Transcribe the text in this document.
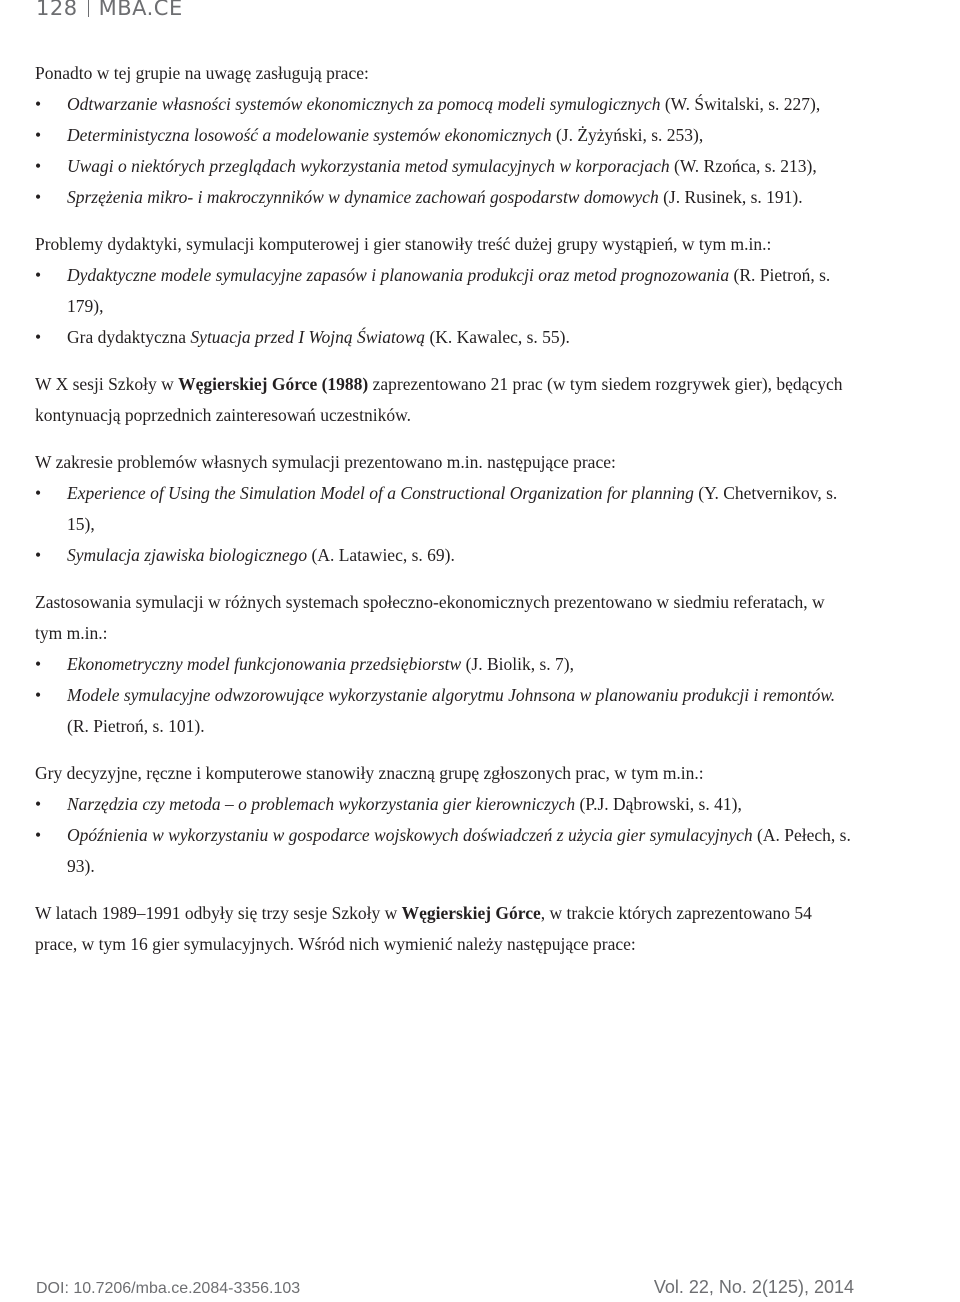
128 MBA.CE

Ponadto w tej grupie na uwagę zasługują prace:

• Odtwarzanie własności systemów ekonomicznych za pomocą modeli symulogicznych (W. Świtalski, s. 227),
• Deterministyczna losowość a modelowanie systemów ekonomicznych (J. Żyżyński, s. 253),
• Uwagi o niektórych przeglądach wykorzystania metod symulacyjnych w korporacjach (W. Rzońca, s. 213),
• Sprzężenia mikro- i makroczynników w dynamice zachowań gospodarstw domowych (J. Rusinek, s. 191).

Problemy dydaktyki, symulacji komputerowej i gier stanowiły treść dużej grupy wystąpień, w tym m.in.:

• Dydaktyczne modele symulacyjne zapasów i planowania produkcji oraz metod prognozowania (R. Pietroń, s. 179),
• Gra dydaktyczna Sytuacja przed I Wojną Światową (K. Kawalec, s. 55).

W X sesji Szkoły w Węgierskiej Górce (1988) zaprezentowano 21 prac (w tym siedem rozgrywek gier), będących kontynuacją poprzednich zainteresowań uczestników.

W zakresie problemów własnych symulacji prezentowano m.in. następujące prace:

• Experience of Using the Simulation Model of a Constructional Organization for planning (Y. Chetvernikov, s. 15),
• Symulacja zjawiska biologicznego (A. Latawiec, s. 69).

Zastosowania symulacji w różnych systemach społeczno-ekonomicznych prezentowano w siedmiu referatach, w tym m.in.:

• Ekonometryczny model funkcjonowania przedsiębiorstw (J. Biolik, s. 7),
• Modele symulacyjne odwzorowujące wykorzystanie algorytmu Johnsona w planowaniu produkcji i remontów. (R. Pietroń, s. 101).

Gry decyzyjne, ręczne i komputerowe stanowiły znaczną grupę zgłoszonych prac, w tym m.in.:

• Narzędzia czy metoda – o problemach wykorzystania gier kierowniczych (P.J. Dąbrowski, s. 41),
• Opóźnienia w wykorzystaniu w gospodarce wojskowych doświadczeń z użycia gier symulacyjnych (A. Pełech, s. 93).

W latach 1989–1991 odbyły się trzy sesje Szkoły w Węgierskiej Górce, w trakcie których zaprezentowano 54 prace, w tym 16 gier symulacyjnych. Wśród nich wymienić należy następujące prace:

DOI: 10.7206/mba.ce.2084-3356.103	Vol. 22, No. 2(125), 2014
